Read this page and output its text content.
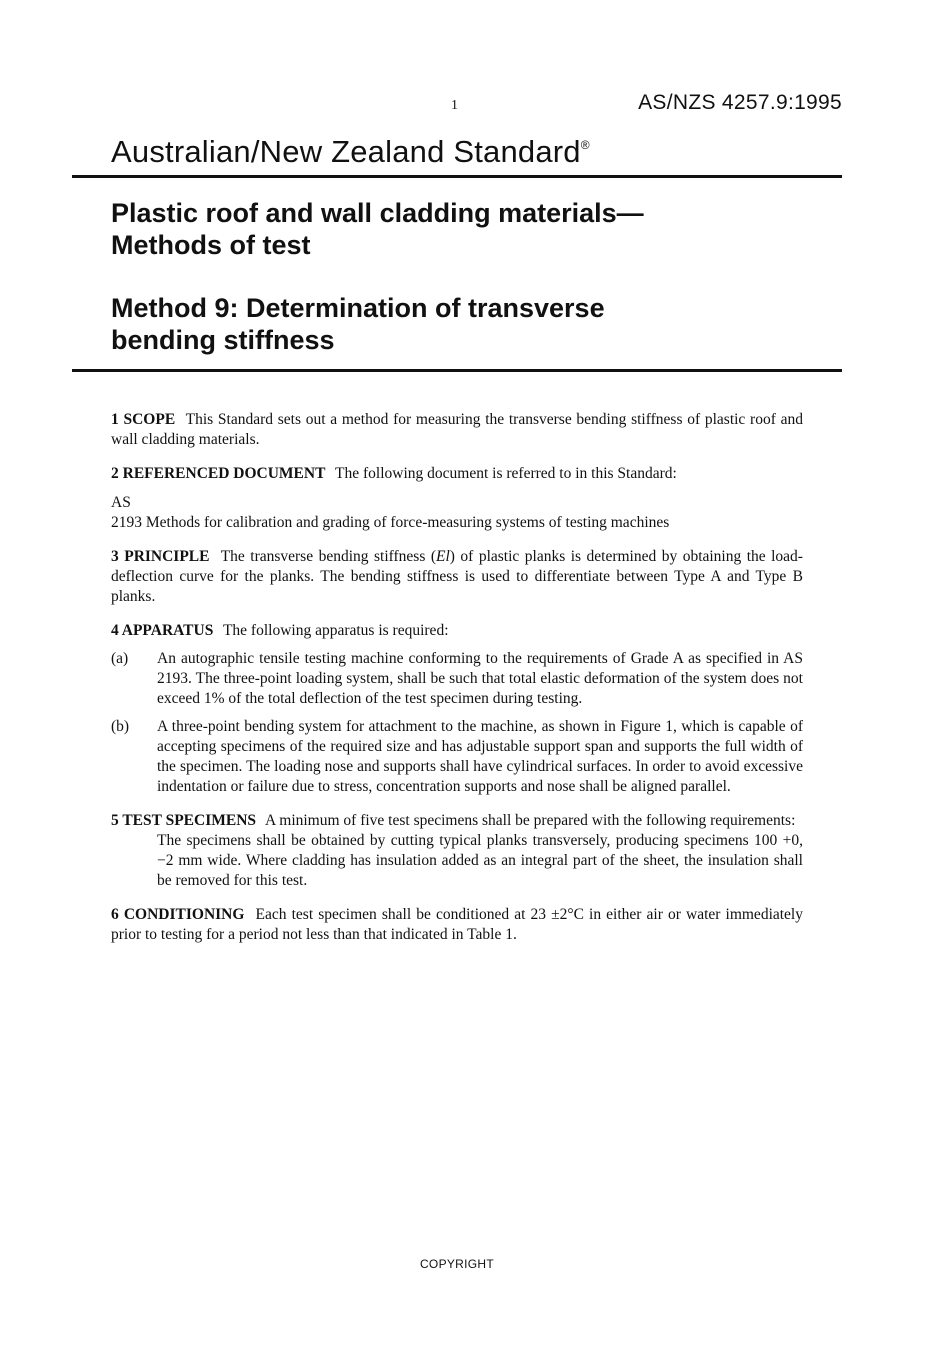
1	AS/NZS 4257.9:1995
Australian/New Zealand Standard®
Plastic roof and wall cladding materials—
Methods of test
Method 9: Determination of transverse
bending stiffness

1 SCOPE This Standard sets out a method for measuring the transverse bending stiffness of plastic roof and wall cladding materials.

2 REFERENCED DOCUMENT The following document is referred to in this Standard:

AS
2193 Methods for calibration and grading of force-measuring systems of testing machines

3 PRINCIPLE The transverse bending stiffness (El) of plastic planks is determined by obtaining the load-deflection curve for the planks. The bending stiffness is used to differentiate between Type A and Type B planks.

4 APPARATUS The following apparatus is required:

(a)	An autographic tensile testing machine conforming to the requirements of Grade A as specified in AS 2193. The three-point loading system, shall be such that total elastic deformation of the system does not exceed 1% of the total deflection of the test specimen during testing.
(b)	A three-point bending system for attachment to the machine, as shown in Figure 1, which is capable of accepting specimens of the required size and has adjustable support span and supports the full width of the specimen. The loading nose and supports shall have cylindrical surfaces. In order to avoid excessive indentation or failure due to stress, concentration supports and nose shall be aligned parallel.

5 TEST SPECIMENS A minimum of five test specimens shall be prepared with the following requirements:

The specimens shall be obtained by cutting typical planks transversely, producing specimens 100 +0, −2 mm wide. Where cladding has insulation added as an integral part of the sheet, the insulation shall be removed for this test.

6 CONDITIONING Each test specimen shall be conditioned at 23 ±2°C in either air or water immediately prior to testing for a period not less than that indicated in Table 1.

COPYRIGHT
